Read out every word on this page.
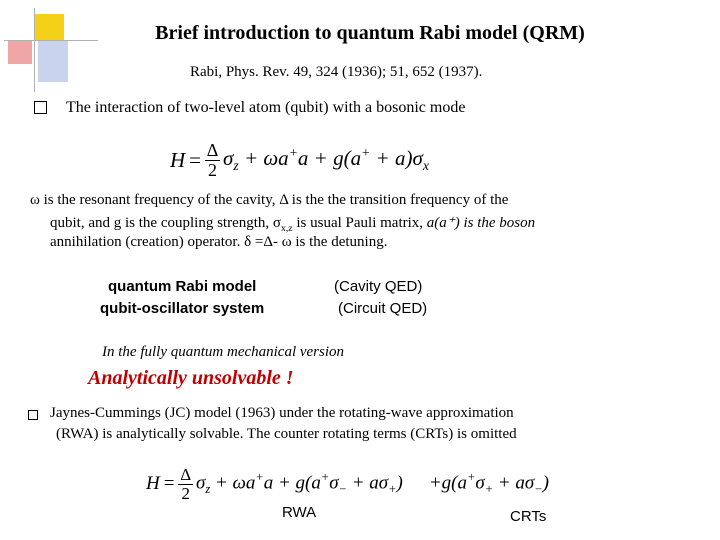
Brief introduction to quantum Rabi model (QRM)
Rabi, Phys. Rev. 49, 324 (1936); 51, 652 (1937).
The interaction of two-level atom (qubit) with a bosonic mode
$H = \frac{\Delta}{2} \sigma_z + \omega a^+a + g(a^+ + a)\sigma_x$
ω is the resonant frequency of the cavity, Δ is the the transition frequency of the
qubit, and g is the coupling strength, $\sigma_{x,z}$ is usual Pauli matrix, a(a⁺) is the boson
annihilation (creation) operator. δ =Δ- ω is the detuning.
quantum Rabi model	(Cavity QED)
qubit-oscillator system	(Circuit QED)
In the fully quantum mechanical version
Analytically unsolvable !
Jaynes-Cummings (JC) model (1963) under the rotating-wave approximation
(RWA) is analytically solvable. The counter rotating terms (CRTs) is omitted
$H = \frac{\Delta}{2} \sigma_z + \omega a^+a + g(a^+\sigma_- + a\sigma_+) +g(a^+\sigma_+ + a\sigma_-)$
RWA	CRTs
